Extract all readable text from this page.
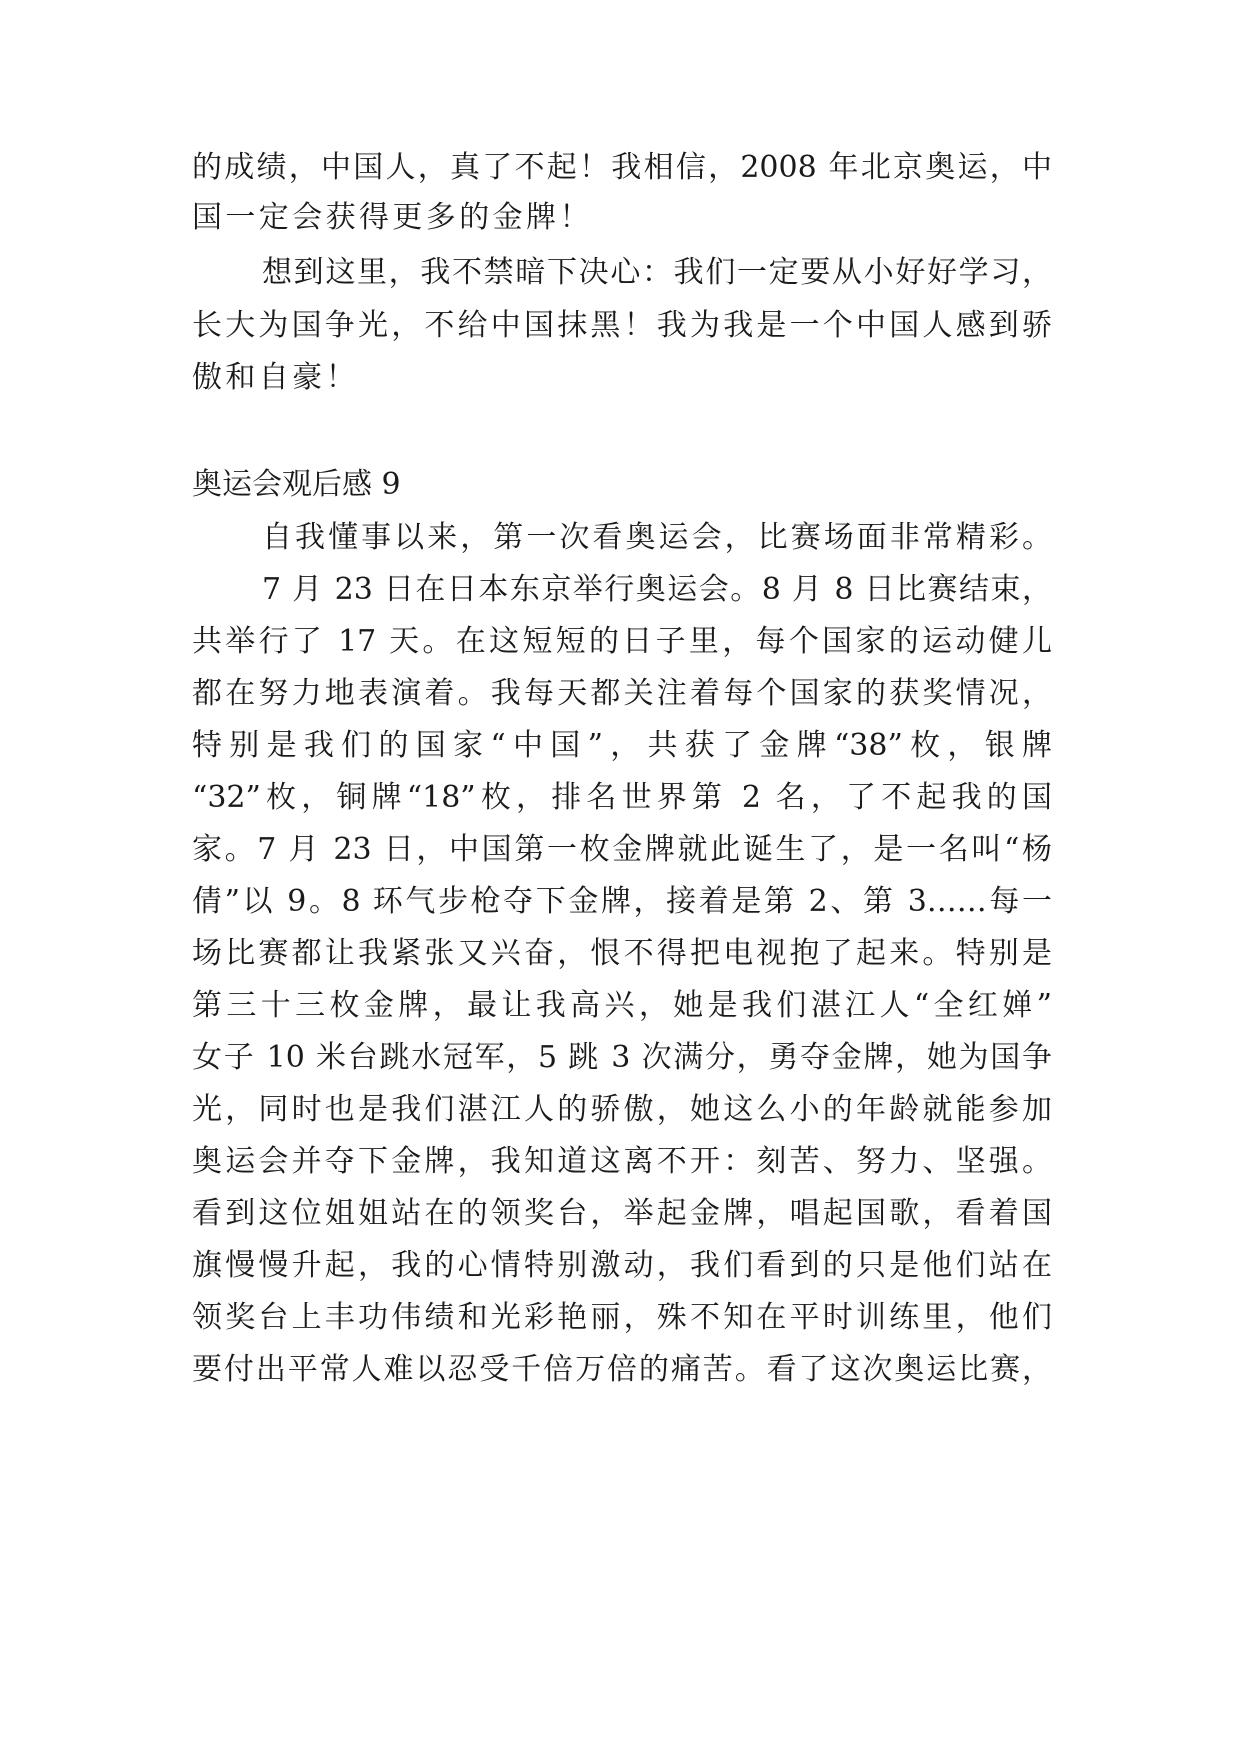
的成绩，中国人，真了不起！我相信，2008 年北京奥运，中
国一定会获得更多的金牌！
想到这里，我不禁暗下决心：我们一定要从小好好学习，
长大为国争光，不给中国抹黑！我为我是一个中国人感到骄
傲和自豪！
奥运会观后感 9
自我懂事以来，第一次看奥运会，比赛场面非常精彩。
7 月 23 日在日本东京举行奥运会。8 月 8 日比赛结束，
共举行了 17 天。在这短短的日子里，每个国家的运动健儿
都在努力地表演着。我每天都关注着每个国家的获奖情况，
特别是我们的国家“中国”，共获了金牌“38”枚，银牌
“32”枚，铜牌“18”枚，排名世界第 2 名，了不起我的国
家。7 月 23 日，中国第一枚金牌就此诞生了，是一名叫“杨
倩”以 9。8 环气步枪夺下金牌，接着是第 2、第 3……每一
场比赛都让我紧张又兴奋，恨不得把电视抱了起来。特别是
第三十三枚金牌，最让我高兴，她是我们湛江人“全红婵”
女子 10 米台跳水冠军，5 跳 3 次满分，勇夺金牌，她为国争
光，同时也是我们湛江人的骄傲，她这么小的年龄就能参加
奥运会并夺下金牌，我知道这离不开：刻苦、努力、坚强。
看到这位姐姐站在的领奖台，举起金牌，唱起国歌，看着国
旗慢慢升起，我的心情特别激动，我们看到的只是他们站在
领奖台上丰功伟绩和光彩艳丽，殊不知在平时训练里，他们
要付出平常人难以忍受千倍万倍的痛苦。看了这次奥运比赛，
